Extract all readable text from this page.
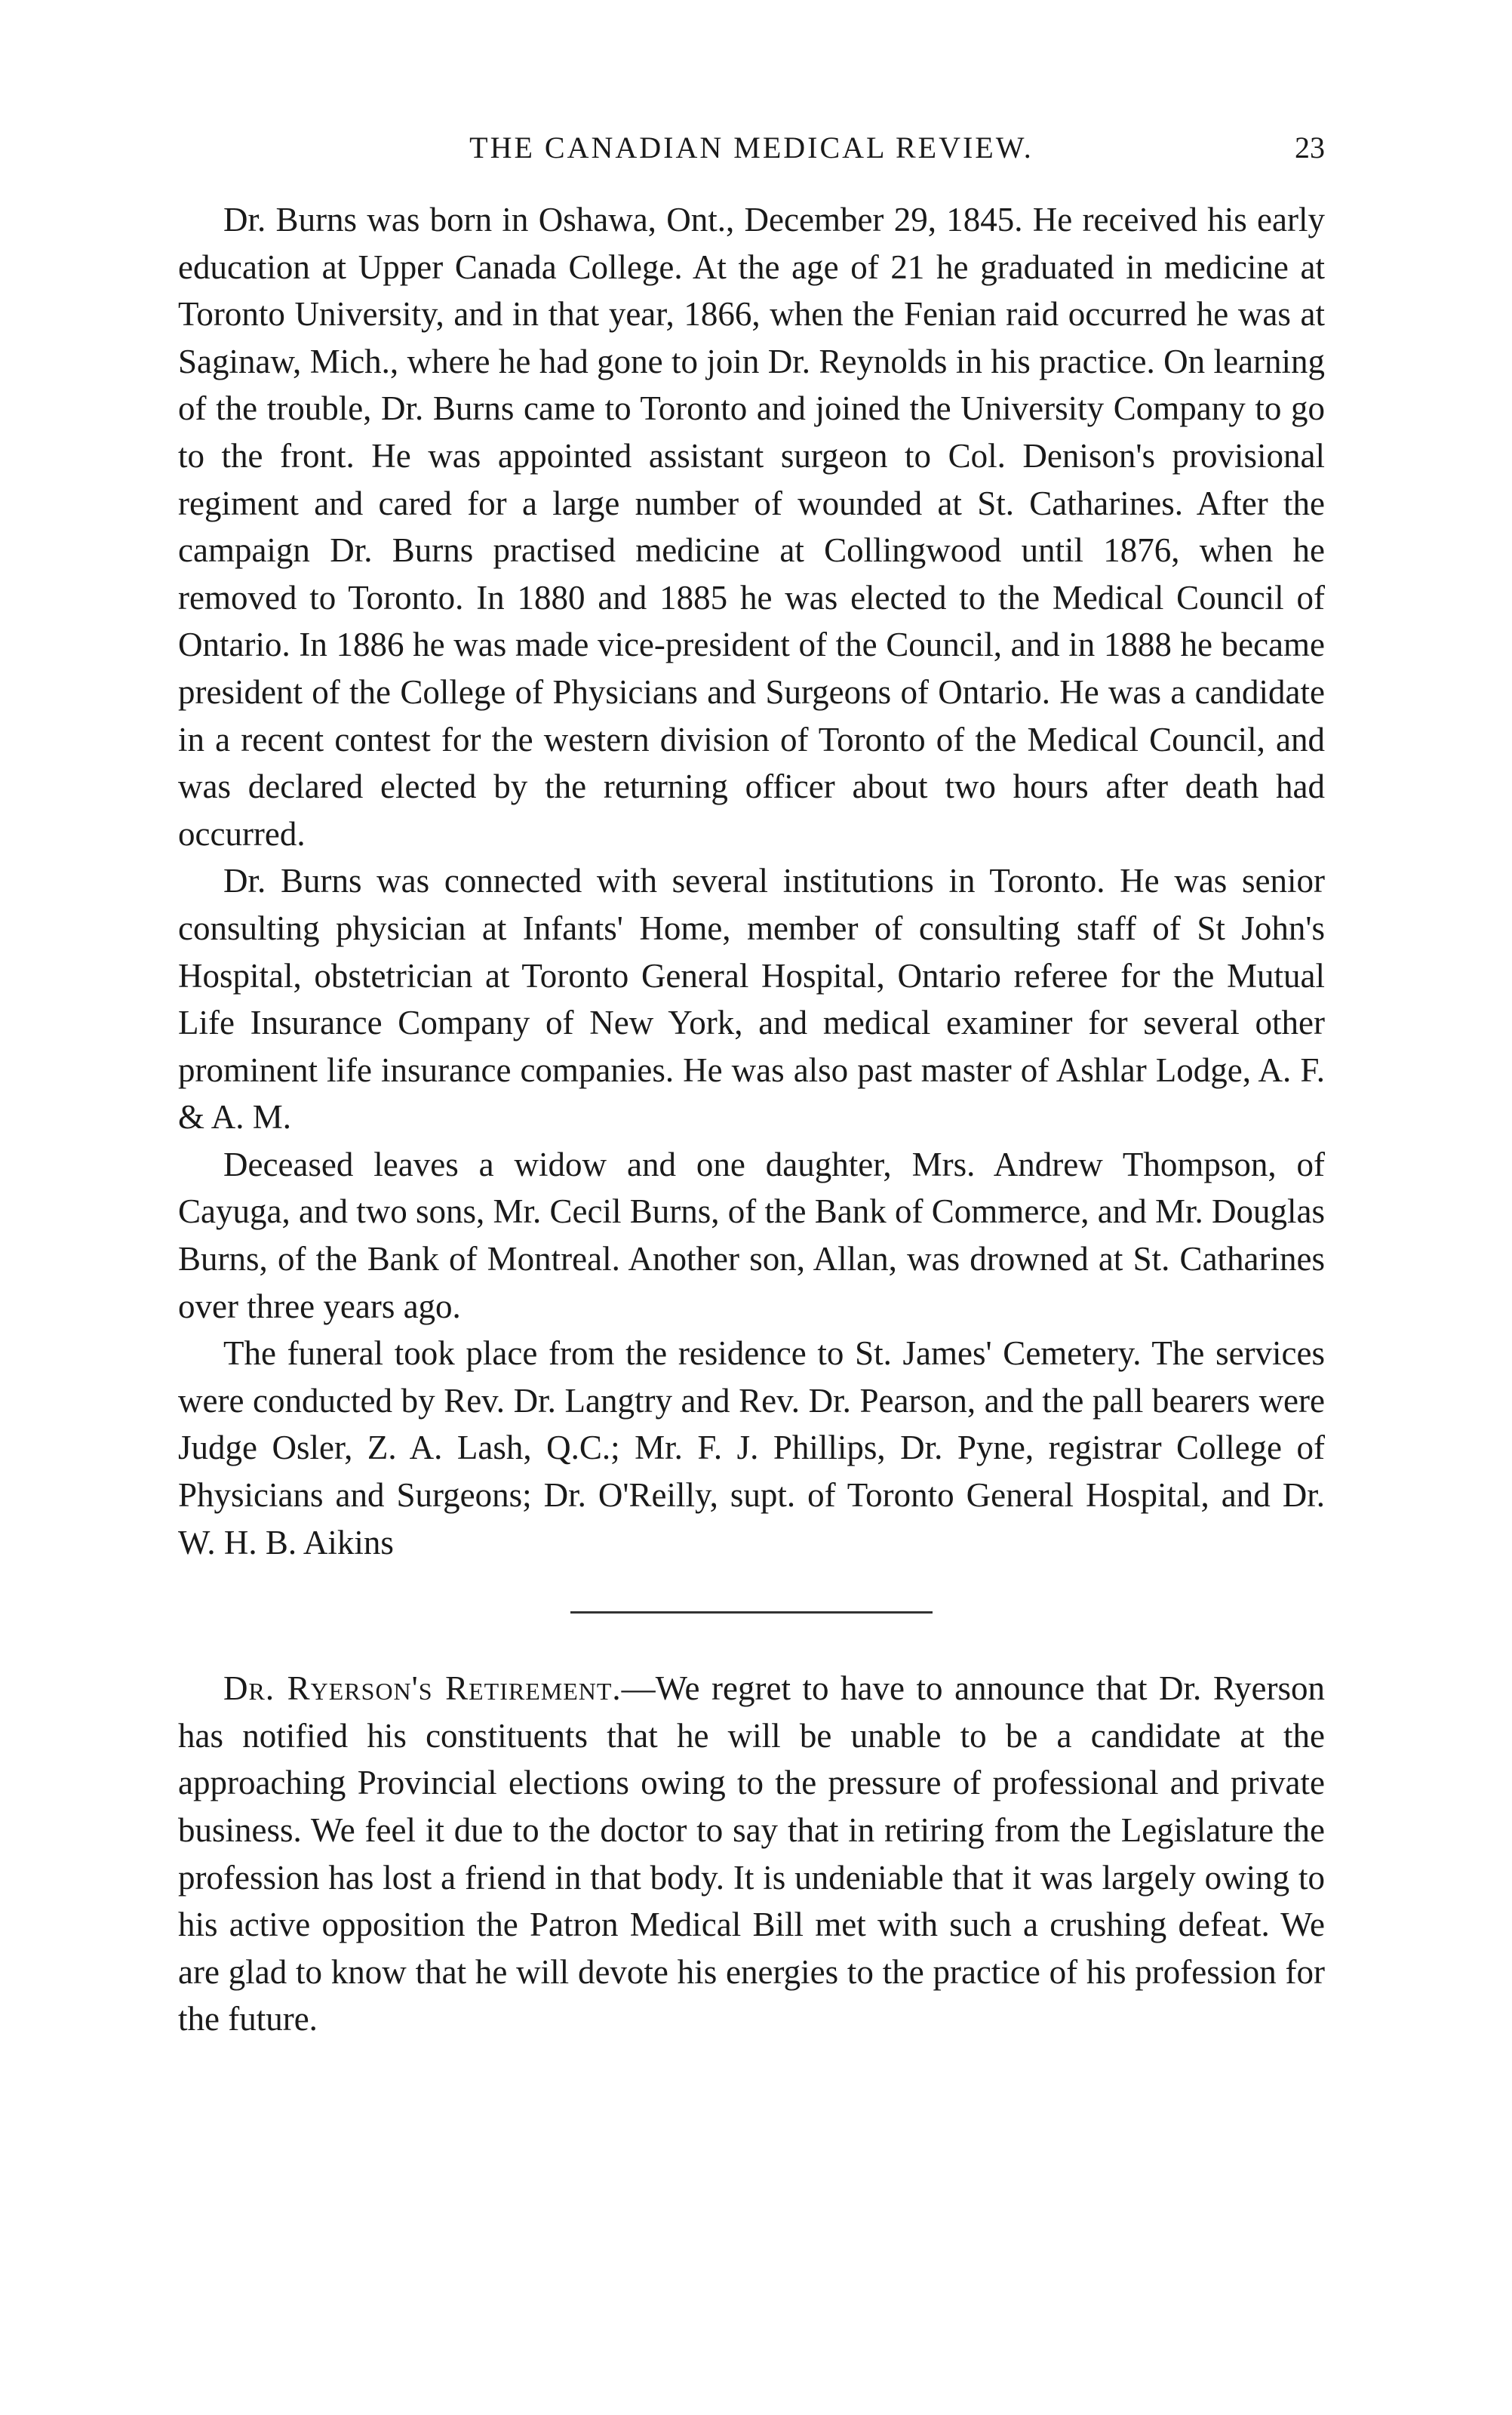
THE CANADIAN MEDICAL REVIEW.	23

Dr. Burns was born in Oshawa, Ont., December 29, 1845. He received his early education at Upper Canada College. At the age of 21 he graduated in medicine at Toronto University, and in that year, 1866, when the Fenian raid occurred he was at Saginaw, Mich., where he had gone to join Dr. Reynolds in his practice. On learning of the trouble, Dr. Burns came to Toronto and joined the University Company to go to the front. He was appointed assistant surgeon to Col. Denison's provisional regiment and cared for a large number of wounded at St. Catharines. After the campaign Dr. Burns practised medicine at Collingwood until 1876, when he removed to Toronto. In 1880 and 1885 he was elected to the Medical Council of Ontario. In 1886 he was made vice-president of the Council, and in 1888 he became president of the College of Physicians and Surgeons of Ontario. He was a candidate in a recent contest for the western division of Toronto of the Medical Council, and was declared elected by the returning officer about two hours after death had occurred.

Dr. Burns was connected with several institutions in Toronto. He was senior consulting physician at Infants' Home, member of consulting staff of St John's Hospital, obstetrician at Toronto General Hospital, Ontario referee for the Mutual Life Insurance Company of New York, and medical examiner for several other prominent life insurance companies. He was also past master of Ashlar Lodge, A. F. & A. M.

Deceased leaves a widow and one daughter, Mrs. Andrew Thompson, of Cayuga, and two sons, Mr. Cecil Burns, of the Bank of Commerce, and Mr. Douglas Burns, of the Bank of Montreal. Another son, Allan, was drowned at St. Catharines over three years ago.

The funeral took place from the residence to St. James' Cemetery. The services were conducted by Rev. Dr. Langtry and Rev. Dr. Pearson, and the pall bearers were Judge Osler, Z. A. Lash, Q.C.; Mr. F. J. Phillips, Dr. Pyne, registrar College of Physicians and Surgeons; Dr. O'Reilly, supt. of Toronto General Hospital, and Dr. W. H. B. Aikins

Dr. Ryerson's Retirement.—We regret to have to announce that Dr. Ryerson has notified his constituents that he will be unable to be a candidate at the approaching Provincial elections owing to the pressure of professional and private business. We feel it due to the doctor to say that in retiring from the Legislature the profession has lost a friend in that body. It is undeniable that it was largely owing to his active opposition the Patron Medical Bill met with such a crushing defeat. We are glad to know that he will devote his energies to the practice of his profession for the future.
